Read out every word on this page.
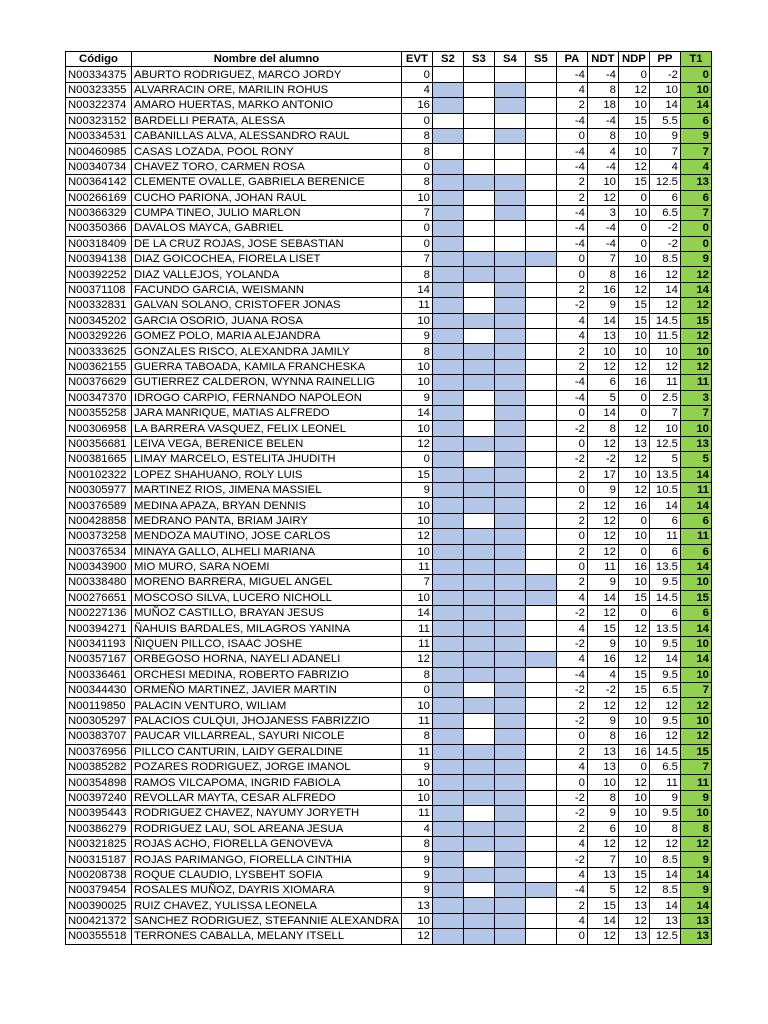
Código	Nombre del alumno	EVT	S2	S3	S4	S5	PA	NDT	NDP	PP	T1
N00334375	ABURTO RODRIGUEZ, MARCO JORDY	0					-4	-4	0	-2	0
N00323355	ALVARRACIN ORE, MARILIN ROHUS	4					4	8	12	10	10
N00322374	AMARO HUERTAS, MARKO ANTONIO	16					2	18	10	14	14
N00323152	BARDELLI PERATA, ALESSA	0					-4	-4	15	5.5	6
N00334531	CABANILLAS ALVA, ALESSANDRO RAUL	8					0	8	10	9	9
N00460985	CASAS LOZADA, POOL RONY	8					-4	4	10	7	7
N00340734	CHAVEZ TORO, CARMEN ROSA	0					-4	-4	12	4	4
N00364142	CLEMENTE OVALLE, GABRIELA BERENICE	8					2	10	15	12.5	13
N00266169	CUCHO PARIONA, JOHAN RAUL	10					2	12	0	6	6
N00366329	CUMPA TINEO, JULIO MARLON	7					-4	3	10	6.5	7
N00350366	DAVALOS MAYCA, GABRIEL	0					-4	-4	0	-2	0
N00318409	DE LA CRUZ ROJAS, JOSE SEBASTIAN	0					-4	-4	0	-2	0
N00394138	DIAZ GOICOCHEA, FIORELA LISET	7					0	7	10	8.5	9
N00392252	DIAZ VALLEJOS, YOLANDA	8					0	8	16	12	12
N00371108	FACUNDO GARCIA, WEISMANN	14					2	16	12	14	14
N00332831	GALVAN SOLANO, CRISTOFER JONAS	11					-2	9	15	12	12
N00345202	GARCIA OSORIO, JUANA ROSA	10					4	14	15	14.5	15
N00329226	GOMEZ POLO, MARIA ALEJANDRA	9					4	13	10	11.5	12
N00333625	GONZALES RISCO, ALEXANDRA JAMILY	8					2	10	10	10	10
N00362155	GUERRA TABOADA, KAMILA FRANCHESKA	10					2	12	12	12	12
N00376629	GUTIERREZ CALDERON, WYNNA RAINELLIG	10					-4	6	16	11	11
N00347370	IDROGO CARPIO, FERNANDO NAPOLEON	9					-4	5	0	2.5	3
N00355258	JARA MANRIQUE, MATIAS ALFREDO	14					0	14	0	7	7
N00306958	LA BARRERA VASQUEZ, FELIX LEONEL	10					-2	8	12	10	10
N00356681	LEIVA VEGA, BERENICE BELEN	12					0	12	13	12.5	13
N00381665	LIMAY MARCELO, ESTELITA JHUDITH	0					-2	-2	12	5	5
N00102322	LOPEZ SHAHUANO, ROLY LUIS	15					2	17	10	13.5	14
N00305977	MARTINEZ RIOS, JIMENA MASSIEL	9					0	9	12	10.5	11
N00376589	MEDINA APAZA, BRYAN DENNIS	10					2	12	16	14	14
N00428858	MEDRANO PANTA, BRIAM JAIRY	10					2	12	0	6	6
N00373258	MENDOZA MAUTINO, JOSE CARLOS	12					0	12	10	11	11
N00376534	MINAYA GALLO, ALHELI MARIANA	10					2	12	0	6	6
N00343900	MIO MURO, SARA NOEMI	11					0	11	16	13.5	14
N00338480	MORENO BARRERA, MIGUEL ANGEL	7					2	9	10	9.5	10
N00276651	MOSCOSO SILVA, LUCERO NICHOLL	10					4	14	15	14.5	15
N00227136	MUÑOZ CASTILLO, BRAYAN JESUS	14					-2	12	0	6	6
N00394271	ÑAHUIS BARDALES, MILAGROS YANINA	11					4	15	12	13.5	14
N00341193	ÑIQUEN PILLCO, ISAAC JOSHE	11					-2	9	10	9.5	10
N00357167	ORBEGOSO HORNA, NAYELI ADANELI	12					4	16	12	14	14
N00336461	ORCHESI MEDINA, ROBERTO FABRIZIO	8					-4	4	15	9.5	10
N00344430	ORMEÑO MARTINEZ, JAVIER MARTIN	0					-2	-2	15	6.5	7
N00119850	PALACIN VENTURO, WILIAM	10					2	12	12	12	12
N00305297	PALACIOS CULQUI, JHOJANESS FABRIZZIO	11					-2	9	10	9.5	10
N00383707	PAUCAR VILLARREAL, SAYURI NICOLE	8					0	8	16	12	12
N00376956	PILLCO CANTURIN, LAIDY GERALDINE	11					2	13	16	14.5	15
N00385282	POZARES RODRIGUEZ, JORGE IMANOL	9					4	13	0	6.5	7
N00354898	RAMOS VILCAPOMA, INGRID FABIOLA	10					0	10	12	11	11
N00397240	REVOLLAR MAYTA, CESAR ALFREDO	10					-2	8	10	9	9
N00395443	RODRIGUEZ CHAVEZ, NAYUMY JORYETH	11					-2	9	10	9.5	10
N00386279	RODRIGUEZ LAU, SOL AREANA JESUA	4					2	6	10	8	8
N00321825	ROJAS ACHO, FIORELLA GENOVEVA	8					4	12	12	12	12
N00315187	ROJAS PARIMANGO, FIORELLA CINTHIA	9					-2	7	10	8.5	9
N00208738	ROQUE CLAUDIO, LYSBEHT SOFIA	9					4	13	15	14	14
N00379454	ROSALES MUÑOZ, DAYRIS XIOMARA	9					-4	5	12	8.5	9
N00390025	RUIZ CHAVEZ, YULISSA LEONELA	13					2	15	13	14	14
N00421372	SANCHEZ RODRIGUEZ, STEFANNIE ALEXANDRA	10					4	14	12	13	13
N00355518	TERRONES CABALLA, MELANY ITSELL	12					0	12	13	12.5	13
